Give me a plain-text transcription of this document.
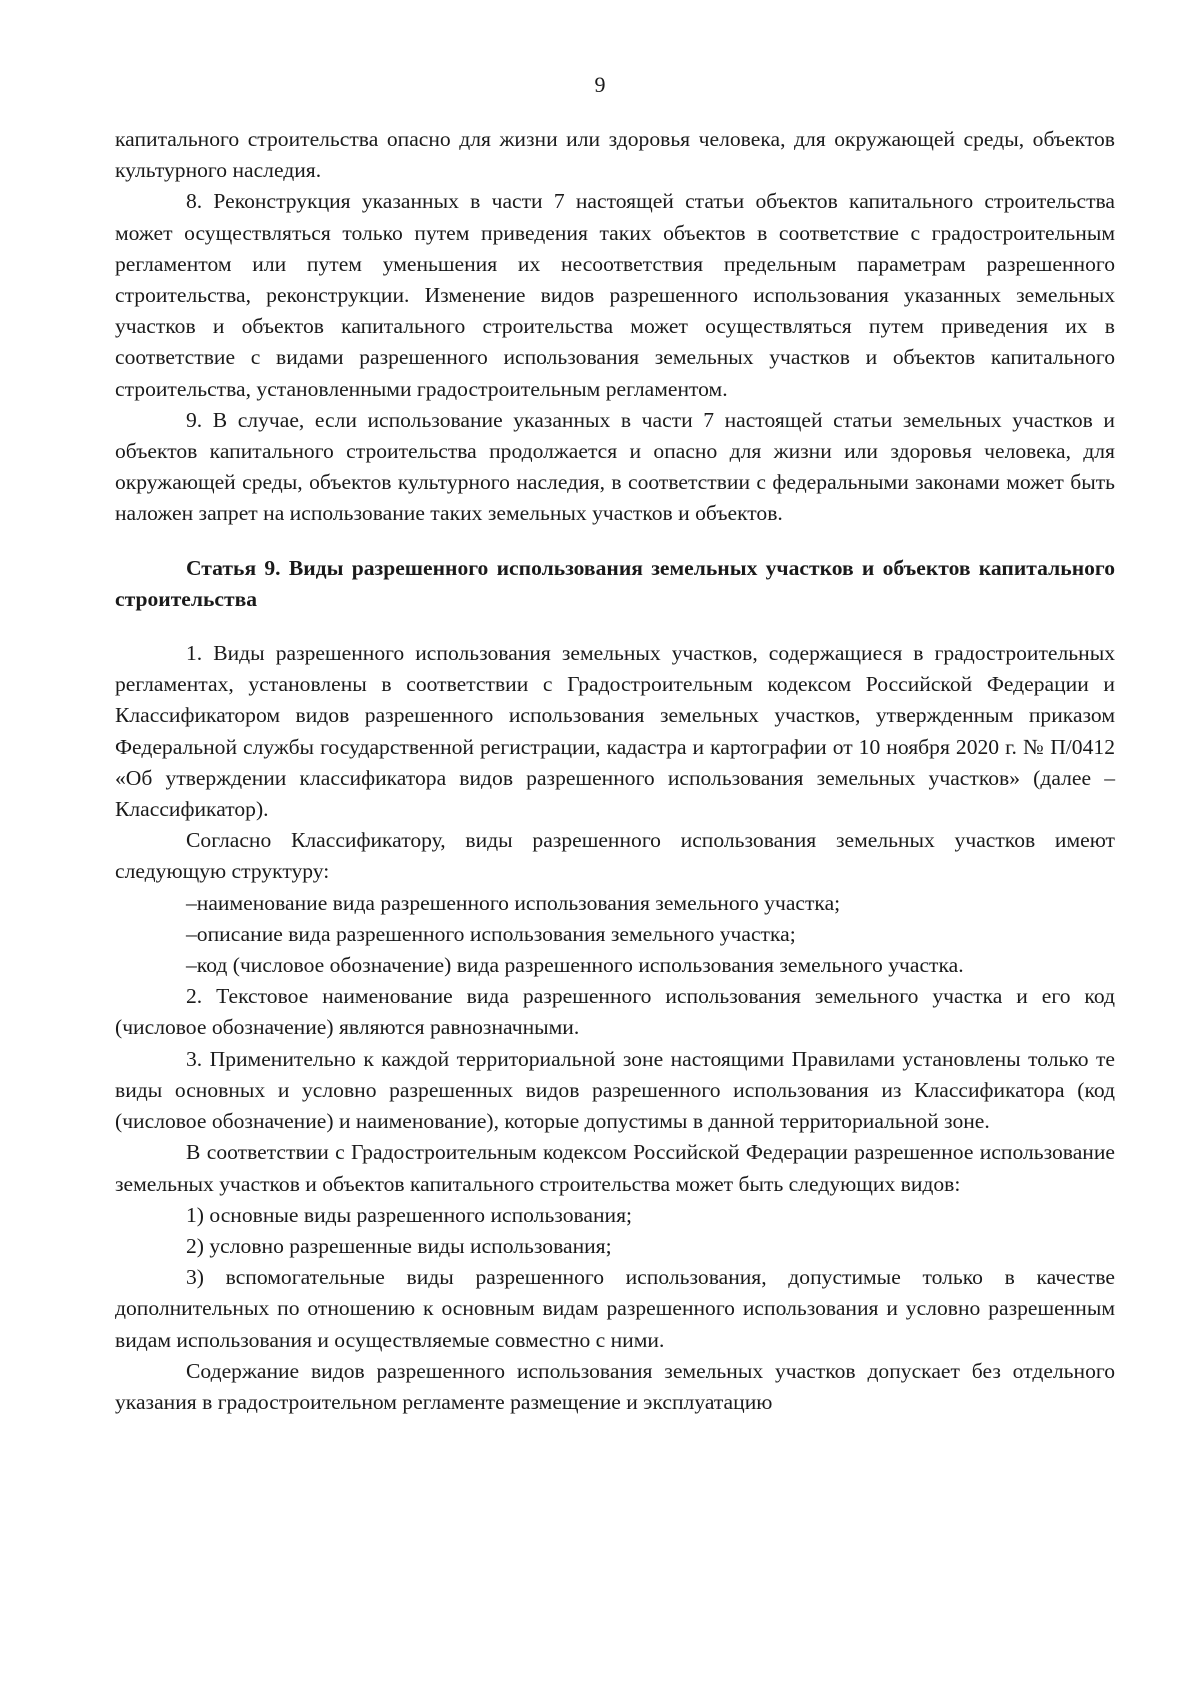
9

капитального строительства опасно для жизни или здоровья человека, для окружающей среды, объектов культурного наследия.

8. Реконструкция указанных в части 7 настоящей статьи объектов капитального строительства может осуществляться только путем приведения таких объектов в соответствие с градостроительным регламентом или путем уменьшения их несоответствия предельным параметрам разрешенного строительства, реконструкции. Изменение видов разрешенного использования указанных земельных участков и объектов капитального строительства может осуществляться путем приведения их в соответствие с видами разрешенного использования земельных участков и объектов капитального строительства, установленными градостроительным регламентом.

9. В случае, если использование указанных в части 7 настоящей статьи земельных участков и объектов капитального строительства продолжается и опасно для жизни или здоровья человека, для окружающей среды, объектов культурного наследия, в соответствии с федеральными законами может быть наложен запрет на использование таких земельных участков и объектов.

Статья 9. Виды разрешенного использования земельных участков и объектов капитального строительства

1. Виды разрешенного использования земельных участков, содержащиеся в градостроительных регламентах, установлены в соответствии с Градостроительным кодексом Российской Федерации и Классификатором видов разрешенного использования земельных участков, утвержденным приказом Федеральной службы государственной регистрации, кадастра и картографии от 10 ноября 2020 г. № П/0412 «Об утверждении классификатора видов разрешенного использования земельных участков» (далее – Классификатор).

Согласно Классификатору, виды разрешенного использования земельных участков имеют следующую структуру:

–наименование вида разрешенного использования земельного участка;

–описание вида разрешенного использования земельного участка;

–код (числовое обозначение) вида разрешенного использования земельного участка.

2. Текстовое наименование вида разрешенного использования земельного участка и его код (числовое обозначение) являются равнозначными.

3. Применительно к каждой территориальной зоне настоящими Правилами установлены только те виды основных и условно разрешенных видов разрешенного использования из Классификатора (код (числовое обозначение) и наименование), которые допустимы в данной территориальной зоне.

В соответствии с Градостроительным кодексом Российской Федерации разрешенное использование земельных участков и объектов капитального строительства может быть следующих видов:

1) основные виды разрешенного использования;

2) условно разрешенные виды использования;

3) вспомогательные виды разрешенного использования, допустимые только в качестве дополнительных по отношению к основным видам разрешенного использования и условно разрешенным видам использования и осуществляемые совместно с ними.

Содержание видов разрешенного использования земельных участков допускает без отдельного указания в градостроительном регламенте размещение и эксплуатацию
